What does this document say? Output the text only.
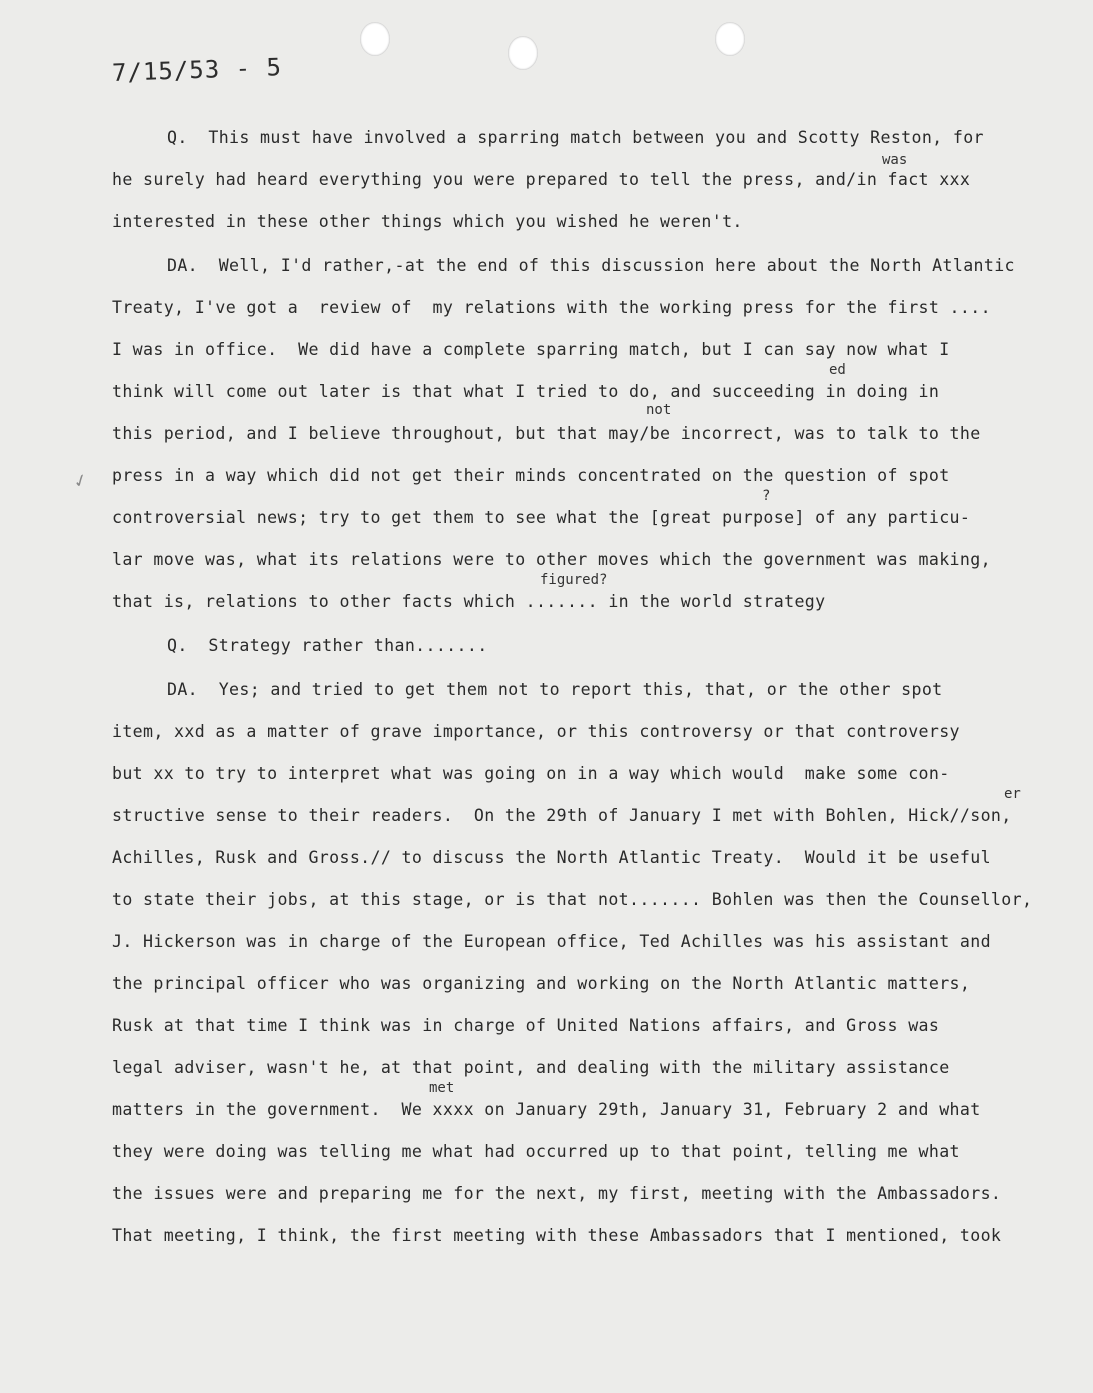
7/15/53 - 5
Q.  This must have involved a sparring match between you and Scotty Reston, for
was
he surely had heard everything you were prepared to tell the press, and/in fact xxx
interested in these other things which you wished he weren't.
DA.  Well, I'd rather,-at the end of this discussion here about the North Atlantic
Treaty, I've got a  review of  my relations with the working press for the first ....
I was in office.  We did have a complete sparring match, but I can say now what I
ed
think will come out later is that what I tried to do, and succeeding in doing in
not
this period, and I believe throughout, but that may/be incorrect, was to talk to the
✓ press in a way which did not get their minds concentrated on the question of spot
?
controversial news; try to get them to see what the [great purpose] of any particu-
lar move was, what its relations were to other moves which the government was making,
figured?
that is, relations to other facts which ....... in the world strategy
Q.  Strategy rather than.......
DA.  Yes; and tried to get them not to report this, that, or the other spot
item, xxd as a matter of grave importance, or this controversy or that controversy
but xx to try to interpret what was going on in a way which would  make some con-
er
structive sense to their readers.  On the 29th of January I met with Bohlen, Hick//son,
Achilles, Rusk and Gross.// to discuss the North Atlantic Treaty.  Would it be useful
to state their jobs, at this stage, or is that not....... Bohlen was then the Counsellor,
J. Hickerson was in charge of the European office, Ted Achilles was his assistant and
the principal officer who was organizing and working on the North Atlantic matters,
Rusk at that time I think was in charge of United Nations affairs, and Gross was
legal adviser, wasn't he, at that point, and dealing with the military assistance
met
matters in the government.  We xxxx on January 29th, January 31, February 2 and what
they were doing was telling me what had occurred up to that point, telling me what
the issues were and preparing me for the next, my first, meeting with the Ambassadors.
That meeting, I think, the first meeting with these Ambassadors that I mentioned, took
